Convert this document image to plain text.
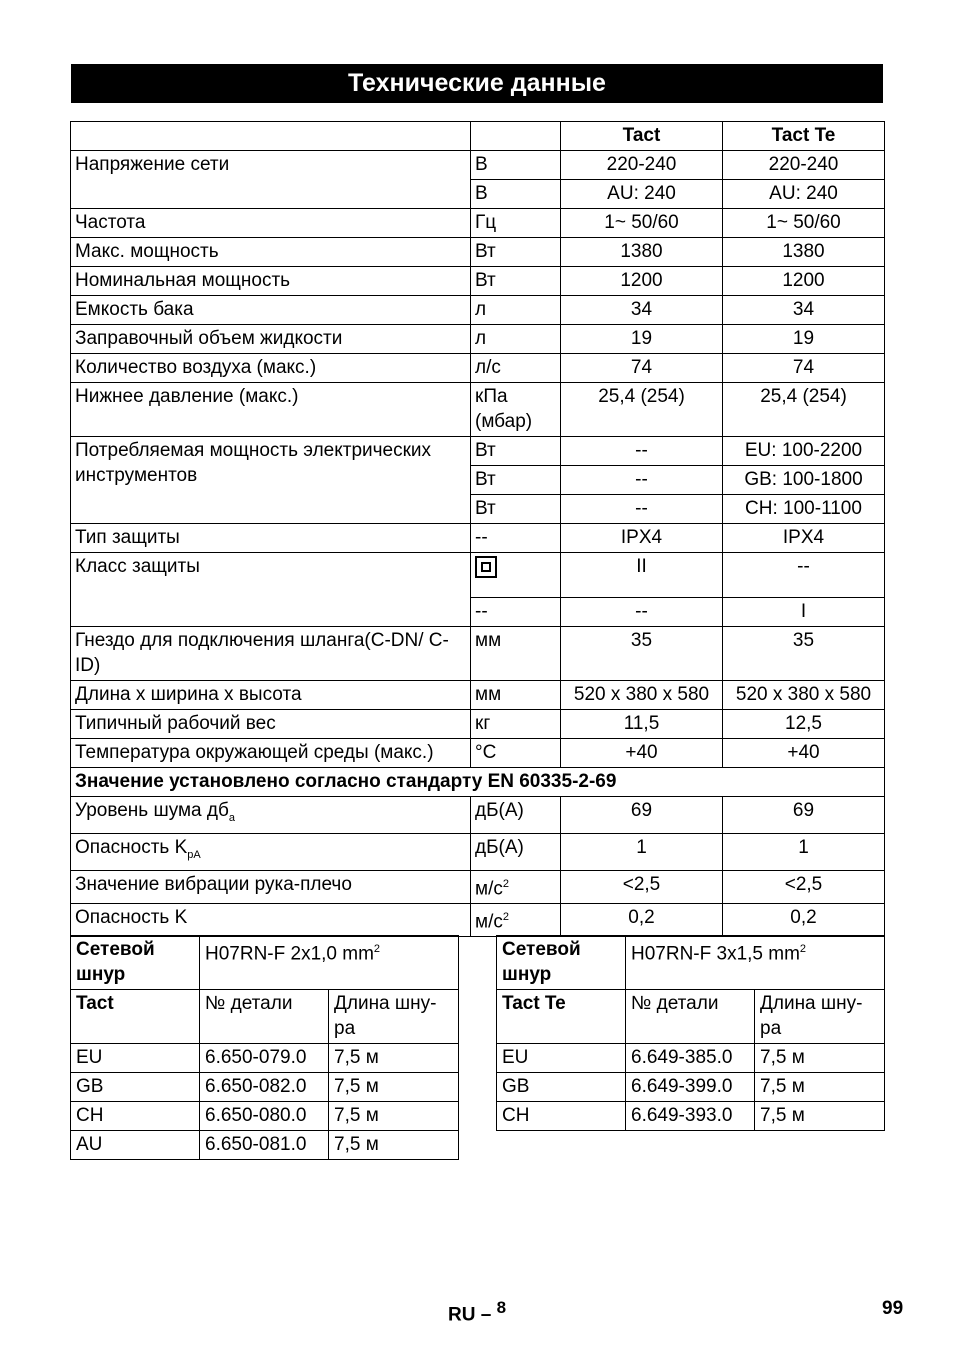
Технические данные
		Tact	Tact Te
Напряжение сети	В	220-240	220-240
	В	AU: 240	AU: 240
Частота	Гц	1~ 50/60	1~ 50/60
Макс. мощность	Вт	1380	1380
Номинальная мощность	Вт	1200	1200
Емкость бака	л	34	34
Заправочный объем жидкости	л	19	19
Количество воздуха (макс.)	л/с	74	74
Нижнее давление (макс.)	кПа (мбар)	25,4 (254)	25,4 (254)
Потребляемая мощность электрических инструментов	Вт	--	EU: 100-2200
	Вт	--	GB: 100-1800
	Вт	--	CH: 100-1100
Тип защиты	--	IPX4	IPX4
Класс защиты		II	--
	--	--	I
Гнездо для подключения шланга(C-DN/ C-ID)	мм	35	35
Длина x ширина x высота	мм	520 x 380 x 580	520 x 380 x 580
Типичный рабочий вес	кг	11,5	12,5
Температура окружающей среды (макс.)	°C	+40	+40
Значение установлено согласно стандарту EN 60335-2-69			
Уровень шума $дб_a$	дБ(А)	69	69
Опасность $K_{pA}$	дБ(А)	1	1
Значение вибрации рука-плечо	$м/с^2$	<2,5	<2,5
Опасность K	$м/с^2$	0,2	0,2
Сетевой шнур	H07RN-F 2x1,0 $mm^2$
Tact	№ детали	Длина шну-ра
EU	6.650-079.0	7,5 м
GB	6.650-082.0	7,5 м
CH	6.650-080.0	7,5 м
AU	6.650-081.0	7,5 м
Сетевой шнур	H07RN-F 3x1,5 $mm^2$
Tact Te	№ детали	Длина шну-ра
EU	6.649-385.0	7,5 м
GB	6.649-399.0	7,5 м
CH	6.649-393.0	7,5 м
RU – $^8$	99
